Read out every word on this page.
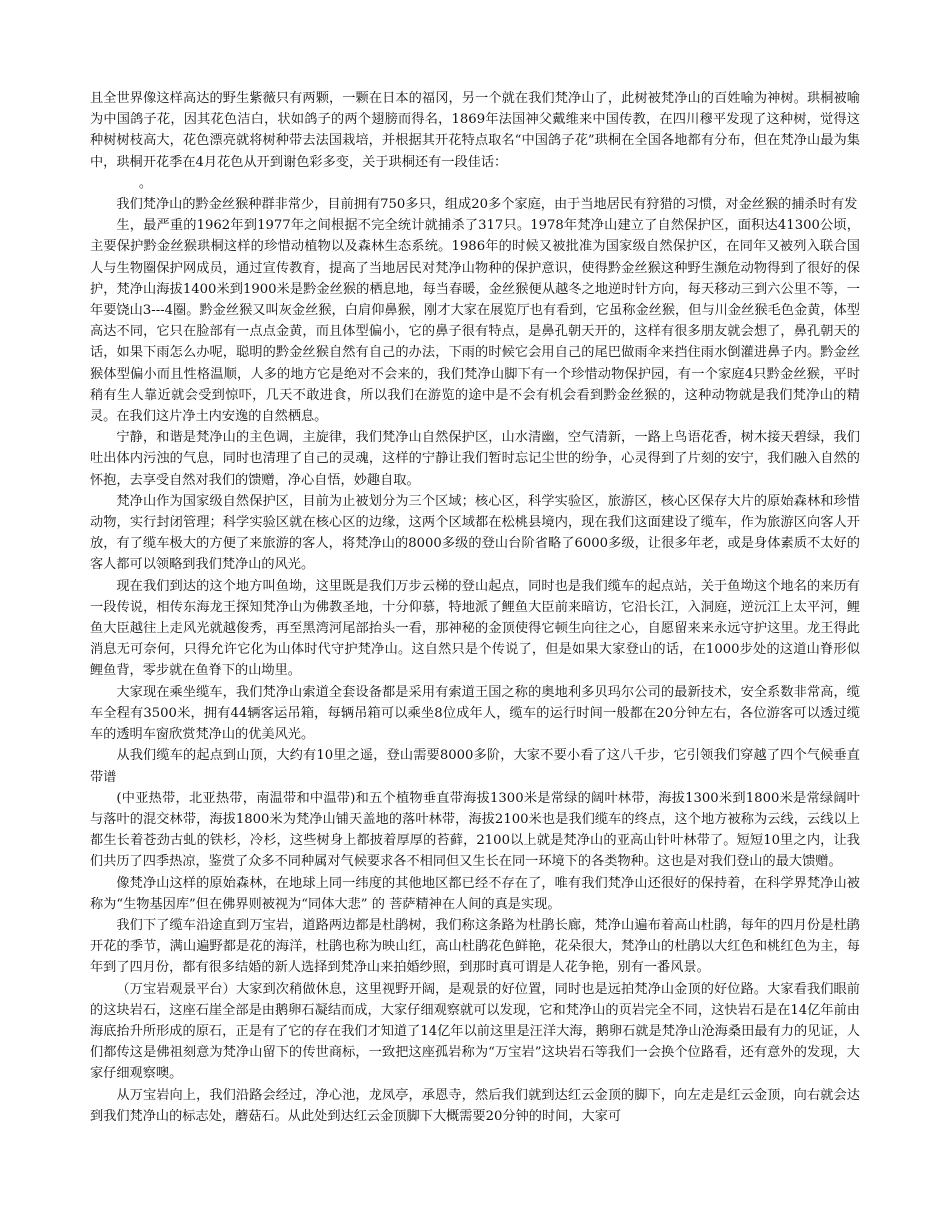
且全世界像这样高达的野生紫薇只有两颗，一颗在日本的福冈，另一个就在我们梵净山了，此树被梵净山的百姓喻为神树。珙桐被喻为中国鸽子花，因其花色洁白，状如鸽子的两个翅膀而得名，1869年法国神父戴维来中国传教，在四川穆平发现了这种树，觉得这种树树枝高大，花色漂亮就将树种带去法国栽培，并根据其开花特点取名“中国鸽子花”珙桐在全国各地都有分布，但在梵净山最为集中，珙桐开花季在4月花色从开到谢色彩多变，关于珙桐还有一段佳话：

。

我们梵净山的黔金丝猴种群非常少，目前拥有750多只，组成20多个家庭，由于当地居民有狩猎的习惯，对金丝猴的捕杀时有发

生，最严重的1962年到1977年之间根据不完全统计就捕杀了317只。1978年梵净山建立了自然保护区，面积达41300公顷，主要保护黔金丝猴珙桐这样的珍惜动植物以及森林生态系统。1986年的时候又被批准为国家级自然保护区，在同年又被列入联合国人与生物圈保护网成员，通过宣传教育，提高了当地居民对梵净山物种的保护意识，使得黔金丝猴这种野生濒危动物得到了很好的保护，梵净山海拔1400米到1900米是黔金丝猴的栖息地，每当春暖，金丝猴便从越冬之地逆时针方向，每天移动三到六公里不等，一年要饶山3---4圈。黔金丝猴又叫灰金丝猴，白肩仰鼻猴，刚才大家在展览厅也有看到，它虽称金丝猴，但与川金丝猴毛色金黄，体型高达不同，它只在脸部有一点点金黄，而且体型偏小，它的鼻子很有特点，是鼻孔朝天开的，这样有很多朋友就会想了，鼻孔朝天的话，如果下雨怎么办呢，聪明的黔金丝猴自然有自己的办法，下雨的时候它会用自己的尾巴做雨伞来挡住雨水倒灌进鼻子内。黔金丝猴体型偏小而且性格温顺，人多的地方它是绝对不会来的，我们梵净山脚下有一个珍惜动物保护园，有一个家庭4只黔金丝猴，平时稍有生人靠近就会受到惊吓，几天不敢进食，所以我们在游览的途中是不会有机会看到黔金丝猴的，这种动物就是我们梵净山的精灵。在我们这片净土内安逸的自然栖息。

宁静，和谐是梵净山的主色调，主旋律，我们梵净山自然保护区，山水清幽，空气清新，一路上鸟语花香，树木接天碧绿，我们吐出体内污浊的气息，同时也清理了自己的灵魂，这样的宁静让我们暂时忘记尘世的纷争，心灵得到了片刻的安宁，我们融入自然的怀抱，去享受自然对我们的馈赠，净心自悟，妙趣自取。

梵净山作为国家级自然保护区，目前为止被划分为三个区域；核心区，科学实验区，旅游区，核心区保存大片的原始森林和珍惜动物，实行封闭管理；科学实验区就在核心区的边缘，这两个区域都在松桃县境内，现在我们这面建设了缆车，作为旅游区向客人开放，有了缆车极大的方便了来旅游的客人，将梵净山的8000多级的登山台阶省略了6000多级，让很多年老，或是身体素质不太好的客人都可以领略到我们梵净山的风光。

现在我们到达的这个地方叫鱼坳，这里既是我们万步云梯的登山起点，同时也是我们缆车的起点站，关于鱼坳这个地名的来历有一段传说，相传东海龙王探知梵净山为佛教圣地，十分仰慕，特地派了鲤鱼大臣前来暗访，它沿长江，入洞庭，逆沅江上太平河，鲤鱼大臣越往上走风光就越俊秀，再至黑湾河尾部抬头一看，那神秘的金顶使得它顿生向往之心，自愿留来来永远守护这里。龙王得此消息无可奈何，只得允许它化为山体时代守护梵净山。这自然只是个传说了，但是如果大家登山的话，在1000步处的这道山脊形似鲤鱼背，零步就在鱼脊下的山坳里。

大家现在乘坐缆车，我们梵净山索道全套设备都是采用有索道王国之称的奥地利多贝玛尔公司的最新技术，安全系数非常高，缆车全程有3500米，拥有44辆客运吊箱，每辆吊箱可以乘坐8位成年人，缆车的运行时间一般都在20分钟左右，各位游客可以透过缆车的透明车窗欣赏梵净山的优美风光。

从我们缆车的起点到山顶，大约有10里之遥，登山需要8000多阶，大家不要小看了这八千步，它引领我们穿越了四个气候垂直带谱

(中亚热带，北亚热带，南温带和中温带)和五个植物垂直带海拔1300米是常绿的阔叶林带，海拔1300米到1800米是常绿阔叶与落叶的混交林带，海拔1800米为梵净山铺天盖地的落叶林带，海拔2100米也是我们缆车的终点，这个地方被称为云线，云线以上都生长着苍劲古虬的铁杉，冷杉，这些树身上都披着厚厚的苔藓，2100以上就是梵净山的亚高山针叶林带了。短短10里之内，让我们共历了四季热凉，鉴赏了众多不同种属对气候要求各不相同但又生长在同一环境下的各类物种。这也是对我们登山的最大馈赠。

像梵净山这样的原始森林，在地球上同一纬度的其他地区都已经不存在了，唯有我们梵净山还很好的保持着，在科学界梵净山被称为“生物基因库”但在佛界则被视为“同体大悲” 的 菩萨精神在人间的真是实现。

我们下了缆车沿途直到万宝岩，道路两边都是杜鹃树，我们称这条路为杜鹃长廊，梵净山遍布着高山杜鹃，每年的四月份是杜鹃开花的季节，满山遍野都是花的海洋，杜鹃也称为映山红，高山杜鹃花色鲜艳，花朵很大，梵净山的杜鹃以大红色和桃红色为主，每年到了四月份，都有很多结婚的新人选择到梵净山来拍婚纱照，到那时真可谓是人花争艳，别有一番风景。

（万宝岩观景平台）大家到次稍做休息，这里视野开阔，是观景的好位置，同时也是远拍梵净山金顶的好位路。大家看我们眼前的这块岩石，这座石崖全部是由鹅卵石凝结而成，大家仔细观察就可以发现，它和梵净山的页岩完全不同，这快岩石是在14亿年前由海底抬升所形成的原石，正是有了它的存在我们才知道了14亿年以前这里是汪洋大海，鹅卵石就是梵净山沧海桑田最有力的见证，人们都传这是佛祖刻意为梵净山留下的传世商标，一致把这座孤岩称为“万宝岩”这块岩石等我们一会换个位路看，还有意外的发现，大家仔细观察噢。

从万宝岩向上，我们沿路会经过，净心池，龙凤亭，承恩寺，然后我们就到达红云金顶的脚下，向左走是红云金顶，向右就会达到我们梵净山的标志处，蘑菇石。从此处到达红云金顶脚下大概需要20分钟的时间，大家可
